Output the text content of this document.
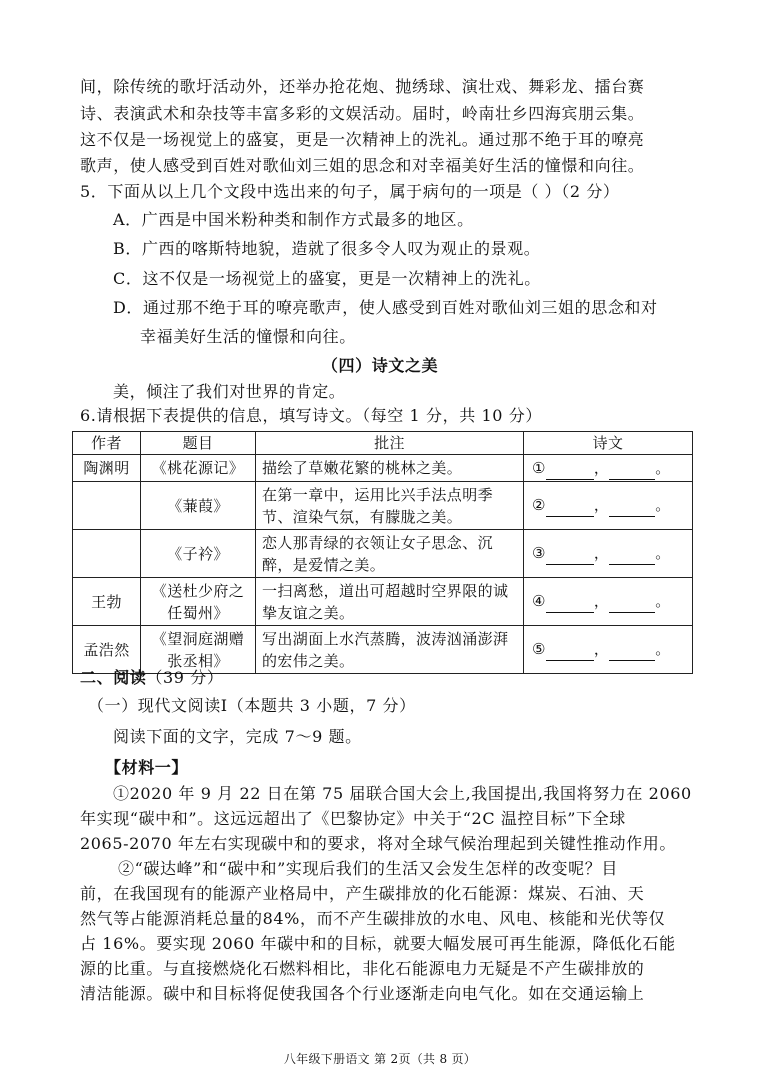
间，除传统的歌圩活动外，还举办抢花炮、抛绣球、演壮戏、舞彩龙、擂台赛
诗、表演武术和杂技等丰富多彩的文娱活动。届时，岭南壮乡四海宾朋云集。
这不仅是一场视觉上的盛宴，更是一次精神上的洗礼。通过那不绝于耳的嘹亮
歌声，使人感受到百姓对歌仙刘三姐的思念和对幸福美好生活的憧憬和向往。
5．下面从以上几个文段中选出来的句子，属于病句的一项是（ ）（2 分）
A．广西是中国米粉种类和制作方式最多的地区。
B．广西的喀斯特地貌，造就了很多令人叹为观止的景观。
C．这不仅是一场视觉上的盛宴，更是一次精神上的洗礼。
D．通过那不绝于耳的嘹亮歌声，使人感受到百姓对歌仙刘三姐的思念和对
幸福美好生活的憧憬和向往。
（四）诗文之美
美，倾注了我们对世界的肯定。
6.请根据下表提供的信息，填写诗文。（每空 1 分，共 10 分）
作者	题目	批注	诗文
陶渊明	《桃花源记》	描绘了草嫩花繁的桃林之美。	① ， 。
	《蒹葭》	在第一章中，运用比兴手法点明季节、渲染气氛，有朦胧之美。	② ， 。
	《子衿》	恋人那青绿的衣领让女子思念、沉醉，是爱情之美。	③ ， 。
王勃	《送杜少府之任蜀州》	一扫离愁，道出可超越时空界限的诚挚友谊之美。	④ ， 。
孟浩然	《望洞庭湖赠张丞相》	写出湖面上水汽蒸腾，波涛汹涌澎湃的宏伟之美。	⑤ ， 。
二、阅读（39 分）
（一）现代文阅读Ⅰ（本题共 3 小题，7 分）
阅读下面的文字，完成 7～9 题。
【材料一】
①2020 年 9 月 22 日在第 75 届联合国大会上,我国提出,我国将努力在 2060
年实现“碳中和”。这远远超出了《巴黎协定》中关于“2C 温控目标”下全球
2065-2070 年左右实现碳中和的要求，将对全球气候治理起到关键性推动作用。
②“碳达峰”和“碳中和”实现后我们的生活又会发生怎样的改变呢？目
前，在我国现有的能源产业格局中，产生碳排放的化石能源：煤炭、石油、天
然气等占能源消耗总量的84%，而不产生碳排放的水电、风电、核能和光伏等仅
占 16%。要实现 2060 年碳中和的目标，就要大幅发展可再生能源，降低化石能
源的比重。与直接燃烧化石燃料相比，非化石能源电力无疑是不产生碳排放的
清洁能源。碳中和目标将促使我国各个行业逐渐走向电气化。如在交通运输上
八年级下册语文 第 2页（共 8 页）
